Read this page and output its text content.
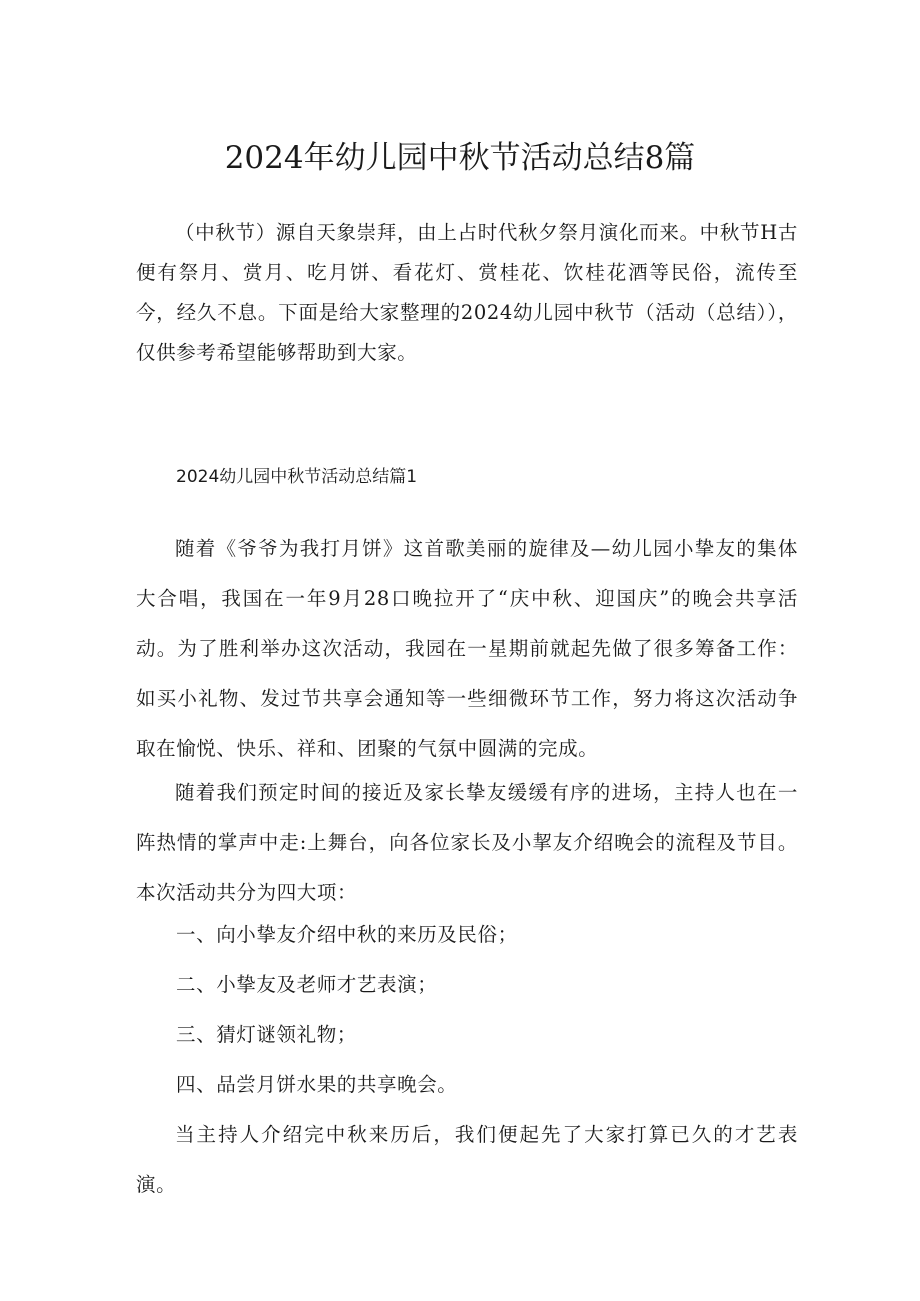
2024年幼儿园中秋节活动总结8篇

（中秋节）源自天象崇拜，由上占时代秋夕祭月演化而来。中秋节H古便有祭月、赏月、吃月饼、看花灯、赏桂花、饮桂花酒等民俗，流传至今，经久不息。下面是给大家整理的2024幼儿园中秋节（活动（总结）），仅供参考希望能够帮助到大家。

2024幼儿园中秋节活动总结篇1

随着《爷爷为我打月饼》这首歌美丽的旋律及—幼儿园小挚友的集体大合唱，我国在一年9月28口晚拉开了“庆中秋、迎国庆”的晚会共享活动。为了胜利举办这次活动，我园在一星期前就起先做了很多筹备工作：如买小礼物、发过节共享会通知等一些细微环节工作，努力将这次活动争取在愉悦、快乐、祥和、团聚的气氛中圆满的完成。

随着我们预定时间的接近及家长挚友缓缓有序的进场，主持人也在一阵热情的掌声中走:上舞台，向各位家长及小挈友介绍晚会的流程及节目。本次活动共分为四大项：

一、向小挚友介绍中秋的来历及民俗；

二、小挚友及老师才艺表演；

三、猜灯谜领礼物；

四、品尝月饼水果的共享晚会。

当主持人介绍完中秋来历后，我们便起先了大家打算已久的才艺表演。
